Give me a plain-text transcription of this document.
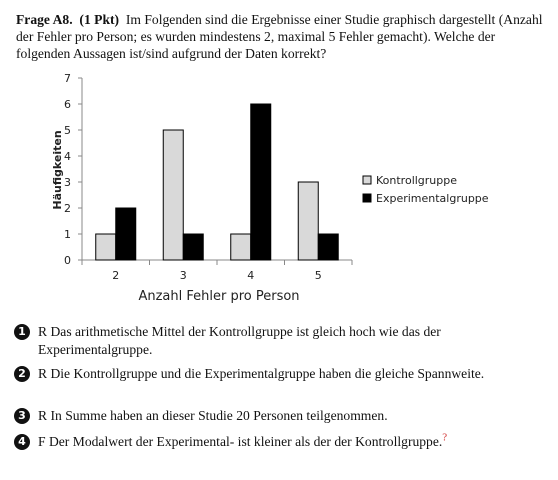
Frage A8. (1 Pkt) Im Folgenden sind die Ergebnisse einer Studie graphisch dargestellt (Anzahl der Fehler pro Person; es wurden mindestens 2, maximal 5 Fehler gemacht). Welche der folgenden Aussagen ist/sind aufgrund der Daten korrekt?

0
1
2
3
4
5
6
7
2	3	4	5
Häufigkeiten
Anzahl Fehler pro Person
Kontrollgruppe
Experimentalgruppe

1 R Das arithmetische Mittel der Kontrollgruppe ist gleich hoch wie das der Experimentalgruppe.

2 R Die Kontrollgruppe und die Experimentalgruppe haben die gleiche Spannweite.

3 R In Summe haben an dieser Studie 20 Personen teilgenommen.

4 F Der Modalwert der Experimental- ist kleiner als der der Kontrollgruppe.?
